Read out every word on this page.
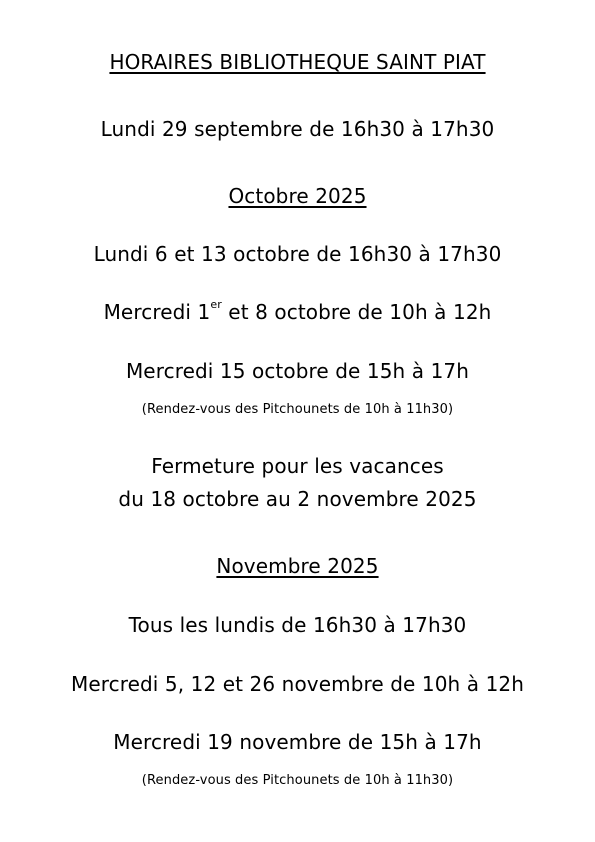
HORAIRES BIBLIOTHEQUE SAINT PIAT
Lundi 29 septembre de 16h30 à 17h30
Octobre 2025
Lundi 6 et 13 octobre de 16h30 à 17h30
Mercredi 1er et 8 octobre de 10h à 12h
Mercredi 15 octobre de 15h à 17h
(Rendez-vous des Pitchounets de 10h à 11h30)
Fermeture pour les vacances
du 18 octobre au 2 novembre 2025
Novembre 2025
Tous les lundis de 16h30 à 17h30
Mercredi 5, 12 et 26 novembre de 10h à 12h
Mercredi 19 novembre de 15h à 17h
(Rendez-vous des Pitchounets de 10h à 11h30)
